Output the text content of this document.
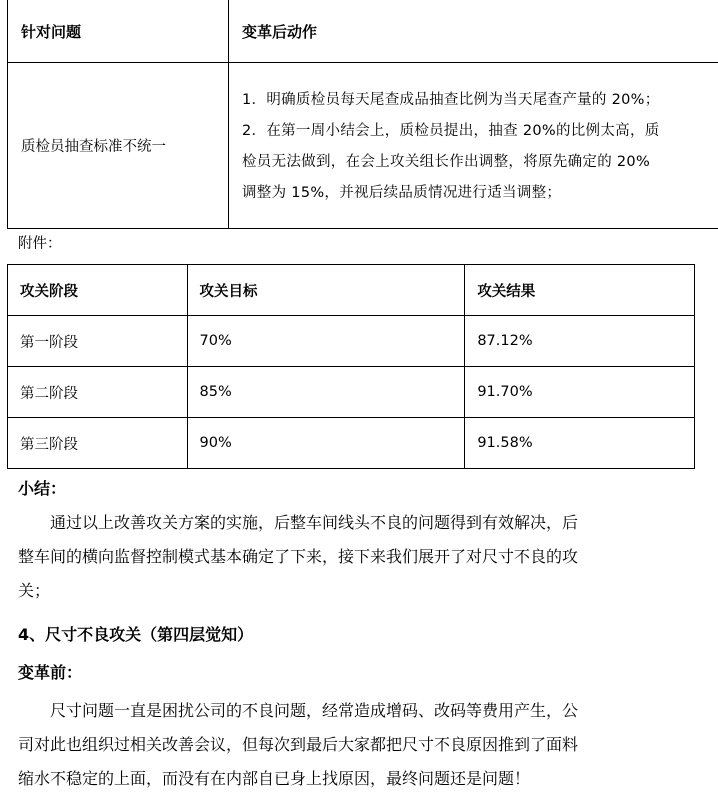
针对问题	变革后动作
质检员抽查标准不统一	1．明确质检员每天尾查成品抽查比例为当天尾查产量的 20%；
2．在第一周小结会上，质检员提出，抽查 20%的比例太高，质
检员无法做到，在会上攻关组长作出调整，将原先确定的 20%
调整为 15%，并视后续品质情况进行适当调整；
附件：
攻关阶段	攻关目标	攻关结果
第一阶段	70%	87.12%
第二阶段	85%	91.70%
第三阶段	90%	91.58%
小结：
通过以上改善攻关方案的实施，后整车间线头不良的问题得到有效解决，后
整车间的横向监督控制模式基本确定了下来，接下来我们展开了对尺寸不良的攻
关；
4、尺寸不良攻关（第四层觉知）
变革前：
尺寸问题一直是困扰公司的不良问题，经常造成增码、改码等费用产生，公
司对此也组织过相关改善会议，但每次到最后大家都把尺寸不良原因推到了面料
缩水不稳定的上面，而没有在内部自已身上找原因，最终问题还是问题！
